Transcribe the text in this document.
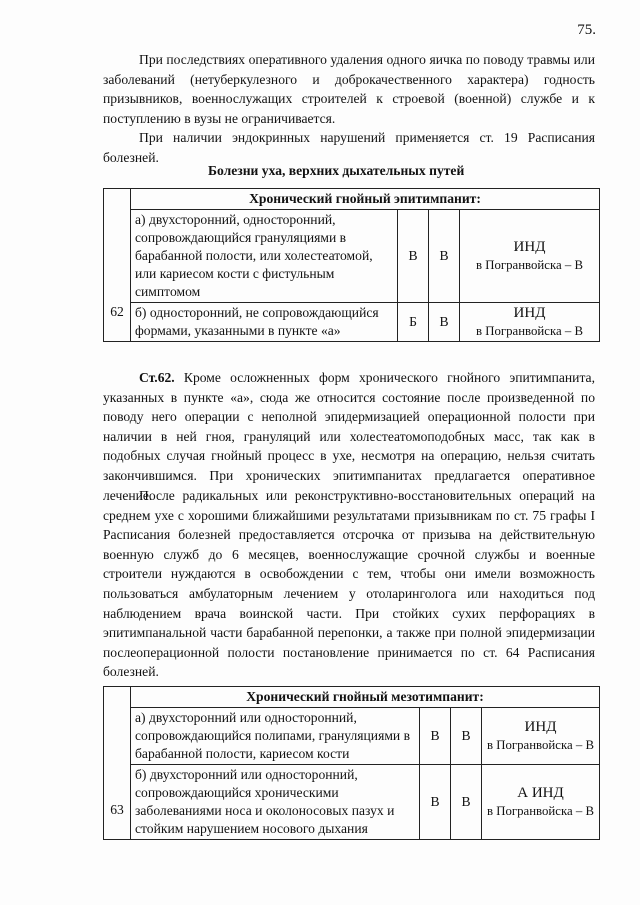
75.

При последствиях оперативного удаления одного яичка по поводу травмы или заболеваний (нетуберкулезного и доброкачественного характера) годность призывников, военнослужащих строителей к строевой (военной) службе и к поступлению в вузы не ограничивается.

При наличии эндокринных нарушений применяется ст. 19 Расписания болезней.

Болезни уха, верхних дыхательных путей
62	Хронический гнойный эпитимпанит:			
	а) двухсторонний, односторонний, сопровождающийся грануляциями в барабанной полости, или холестеатомой, или кариесом кости с фистульным симптомом	В	В	ИНД
в Погранвойска – В

	б) односторонний, не сопровождающийся формами, указанными в пункте «а»	Б	В	ИНД
в Погранвойска – В

Ст.62. Кроме осложненных форм хронического гнойного эпитимпанита, указанных в пункте «а», сюда же относится состояние после произведенной по поводу него операции с неполной эпидермизацией операционной полости при наличии в ней гноя, грануляций или холестеатомоподобных масс, так как в подобных случая гнойный процесс в ухе, несмотря на операцию, нельзя считать закончившимся. При хронических эпитимпанитах предлагается оперативное лечение.

После радикальных или реконструктивно-восстановительных операций на среднем ухе с хорошими ближайшими результатами призывникам по ст. 75 графы I Расписания болезней предоставляется отсрочка от призыва на действительную военную служб до 6 месяцев, военнослужащие срочной службы и военные строители нуждаются в освобождении с тем, чтобы они имели возможность пользоваться амбулаторным лечением у отоларинголога или находиться под наблюдением врача воинской части. При стойких сухих перфорациях в эпитимпанальной части барабанной перепонки, а также при полной эпидермизации послеоперационной полости постановление принимается по ст. 64 Расписания болезней.

63	Хронический гнойный мезотимпанит:			
	а) двухсторонний или односторонний, сопровождающийся полипами, грануляциями в барабанной полости, кариесом кости	В	В	ИНД
в Погранвойска – В

	б) двухсторонний или односторонний, сопровождающийся хроническими заболеваниями носа и околоносовых пазух и стойким нарушением носового дыхания	В	В	А ИНД
в Погранвойска – В
